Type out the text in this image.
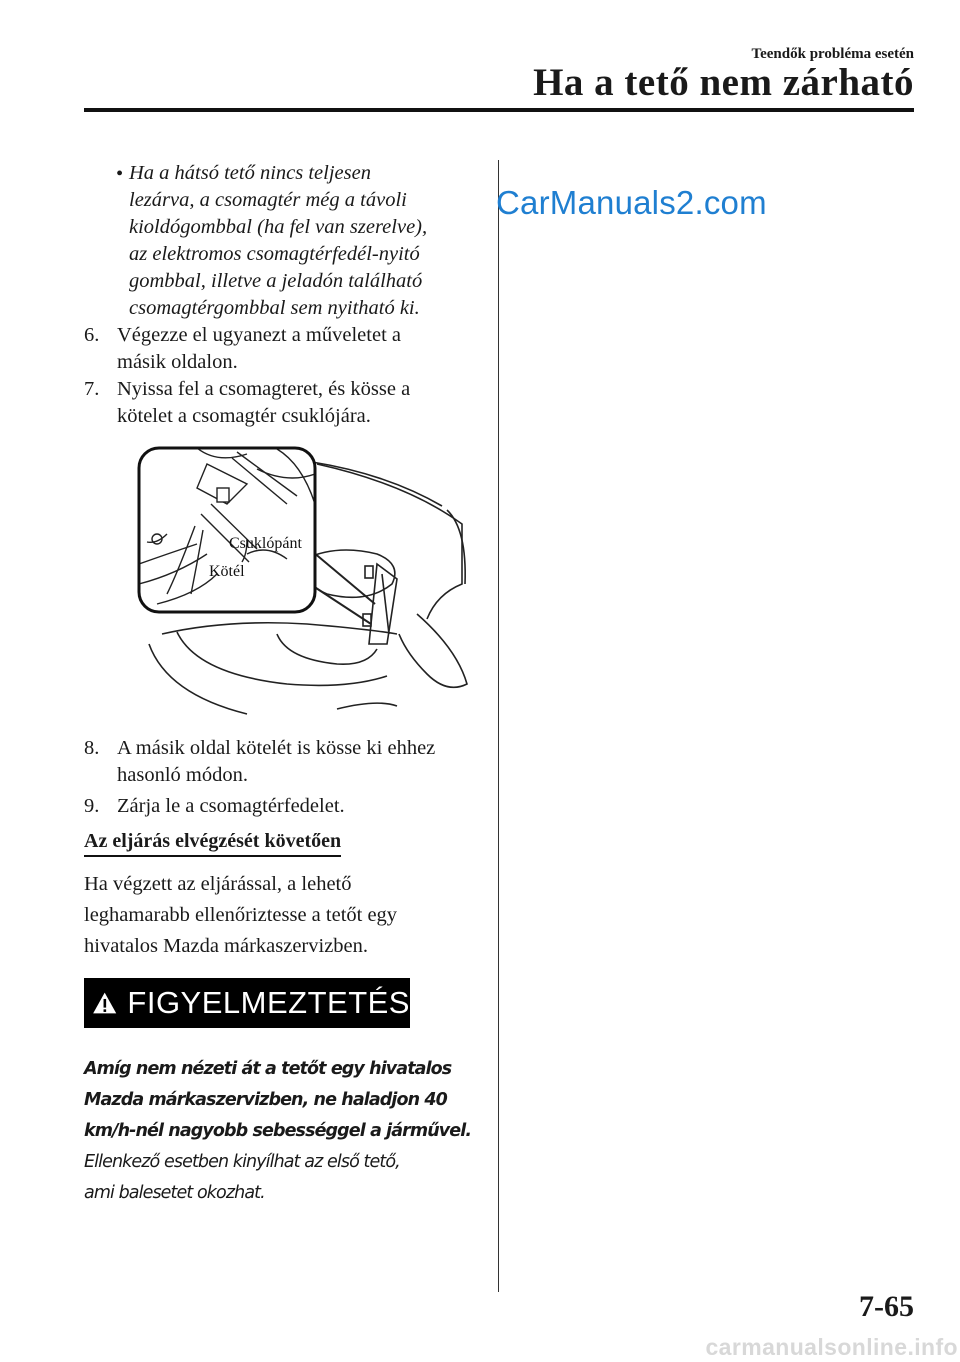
Teendők probléma esetén
Ha a tető nem zárható
CarManuals2.com
• Ha a hátsó tető nincs teljesen
lezárva, a csomagtér még a távoli
kioldógombbal (ha fel van szerelve),
az elektromos csomagtérfedél-nyitó
gombbal, illetve a jeladón található
csomagtérgombbal sem nyitható ki.
6. Végezze el ugyanezt a műveletet a
másik oldalon.
7. Nyissa fel a csomagteret, és kösse a
kötelet a csomagtér csuklójára.
Csuklópánt
Kötél
8. A másik oldal kötelét is kösse ki ehhez
hasonló módon.
9. Zárja le a csomagtérfedelet.
Az eljárás elvégzését követően
Ha végzett az eljárással, a lehető
leghamarabb ellenőriztesse a tetőt egy
hivatalos Mazda márkaszervizben.
FIGYELMEZTETÉS
Amíg nem nézeti át a tetőt egy hivatalos
Mazda márkaszervizben, ne haladjon 40
km/h-nél nagyobb sebességgel a járművel.
Ellenkező esetben kinyílhat az első tető,
ami balesetet okozhat.
7-65
carmanualsonline.info
